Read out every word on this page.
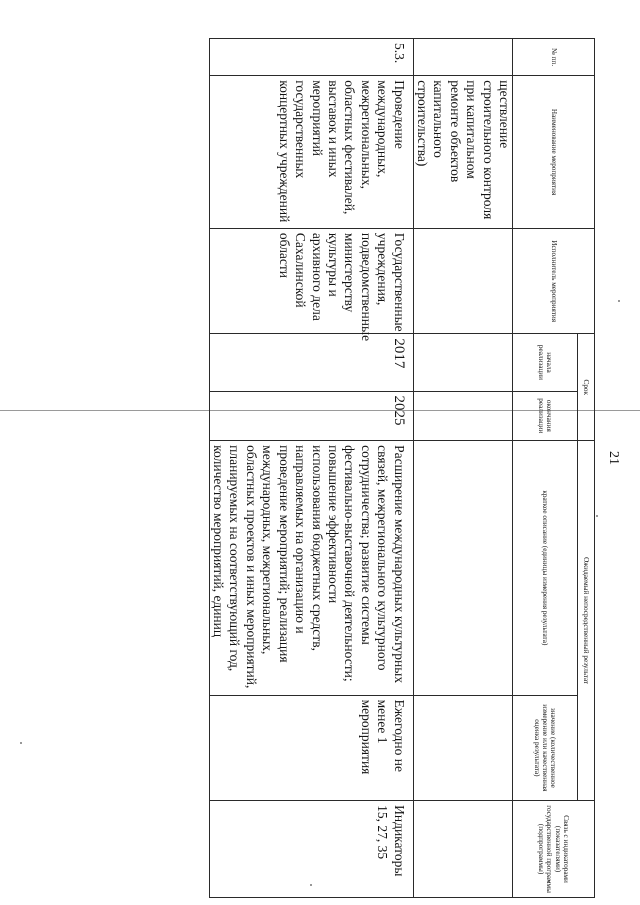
21
№ пп.	Наименование мероприятия	Исполнитель мероприятия	Срок		Ожидаемый непосредственный результат		Связь с индикаторами (показателями) государственной программы (подпрограммы)
			начала реализации	окончания реализации	краткое описание (единицы измерения результата)	значение (количественное измерение или качественная оценка результата)	
	ществление строительного контроля при капитальном ремонте объектов капитального строительства)						
5.3.	Проведение международных, межрегиональных, областных фестивалей, выставок и иных мероприятий государственных концертных учреждений	Государственные учреждения, подведомственные министерству культуры и архивного дела Сахалинской области	2017	2025	Расширение международных культурных связей, межрегионального культурного сотрудничества; развитие системы фестивально-выставочной деятельности; повышение эффективности использования бюджетных средств, направляемых на организацию и проведение мероприятий; реализация международных, межрегиональных, областных проектов и иных мероприятий, планируемых на соответствующий год, количество мероприятий, единиц	Ежегодно не менее 1 мероприятия	Индикаторы 15, 27, 35
